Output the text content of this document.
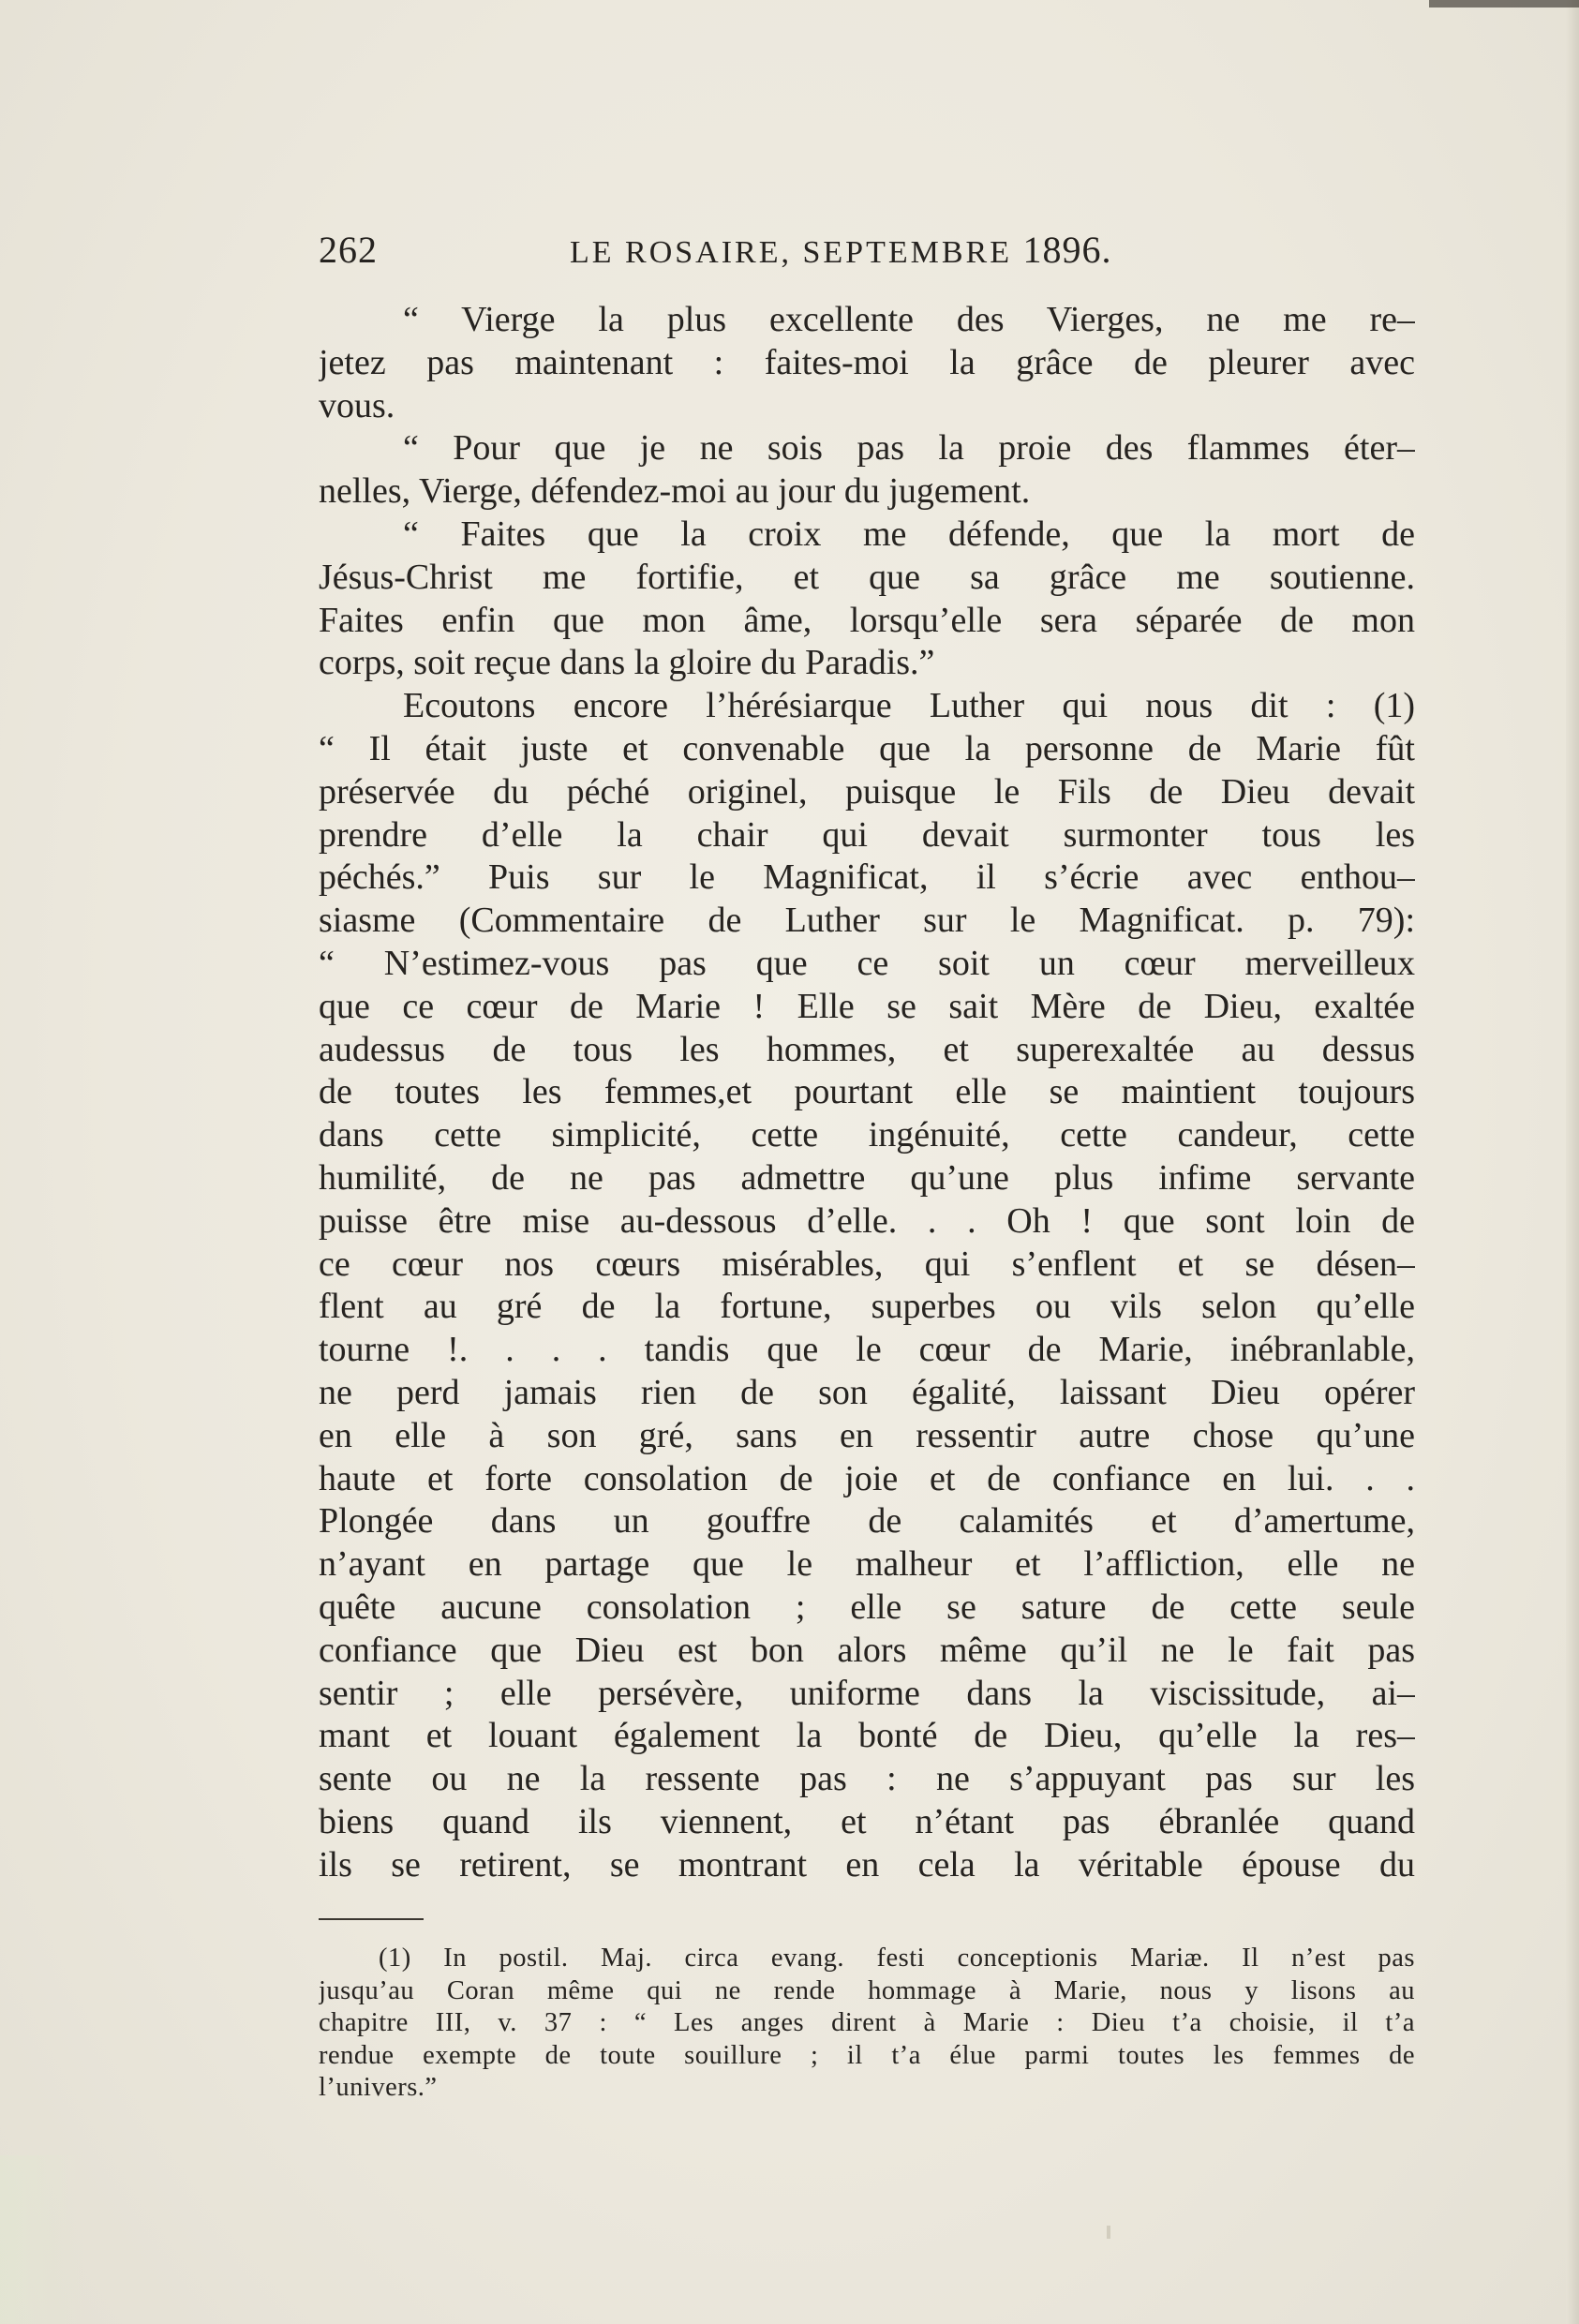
262	LE ROSAIRE, SEPTEMBRE 1896.
“ Vierge la plus excellente des Vierges, ne me re–
jetez pas maintenant : faites-moi la grâce de pleurer avec
vous.
“ Pour que je ne sois pas la proie des flammes éter–
nelles, Vierge, défendez-moi au jour du jugement.
“ Faites que la croix me défende, que la mort de
Jésus-Christ me fortifie, et que sa grâce me soutienne.
Faites enfin que mon âme, lorsqu’elle sera séparée de mon
corps, soit reçue dans la gloire du Paradis.”
Ecoutons encore l’hérésiarque Luther qui nous dit : (1)
“ Il était juste et convenable que la personne de Marie fût
préservée du péché originel, puisque le Fils de Dieu devait
prendre d’elle la chair qui devait surmonter tous les
péchés.” Puis sur le Magnificat, il s’écrie avec enthou–
siasme (Commentaire de Luther sur le Magnificat. p. 79):
“ N’estimez-vous pas que ce soit un cœur merveilleux
que ce cœur de Marie ! Elle se sait Mère de Dieu, exaltée
audessus de tous les hommes, et superexaltée au dessus
de toutes les femmes,et pourtant elle se maintient toujours
dans cette simplicité, cette ingénuité, cette candeur, cette
humilité, de ne pas admettre qu’une plus infime servante
puisse être mise au-dessous d’elle. . . Oh ! que sont loin de
ce cœur nos cœurs misérables, qui s’enflent et se désen–
flent au gré de la fortune, superbes ou vils selon qu’elle
tourne !. . . . tandis que le cœur de Marie, inébranlable,
ne perd jamais rien de son égalité, laissant Dieu opérer
en elle à son gré, sans en ressentir autre chose qu’une
haute et forte consolation de joie et de confiance en lui. . .
Plongée dans un gouffre de calamités et d’amertume,
n’ayant en partage que le malheur et l’affliction, elle ne
quête aucune consolation ; elle se sature de cette seule
confiance que Dieu est bon alors même qu’il ne le fait pas
sentir ; elle persévère, uniforme dans la viscissitude, ai–
mant et louant également la bonté de Dieu, qu’elle la res–
sente ou ne la ressente pas : ne s’appuyant pas sur les
biens quand ils viennent, et n’étant pas ébranlée quand
ils se retirent, se montrant en cela la véritable épouse du
(1) In postil. Maj. circa evang. festi conceptionis Mariæ. Il n’est pas
jusqu’au Coran même qui ne rende hommage à Marie, nous y lisons au
chapitre III, v. 37 : “ Les anges dirent à Marie : Dieu t’a choisie, il t’a
rendue exempte de toute souillure ; il t’a élue parmi toutes les femmes de
l’univers.”
